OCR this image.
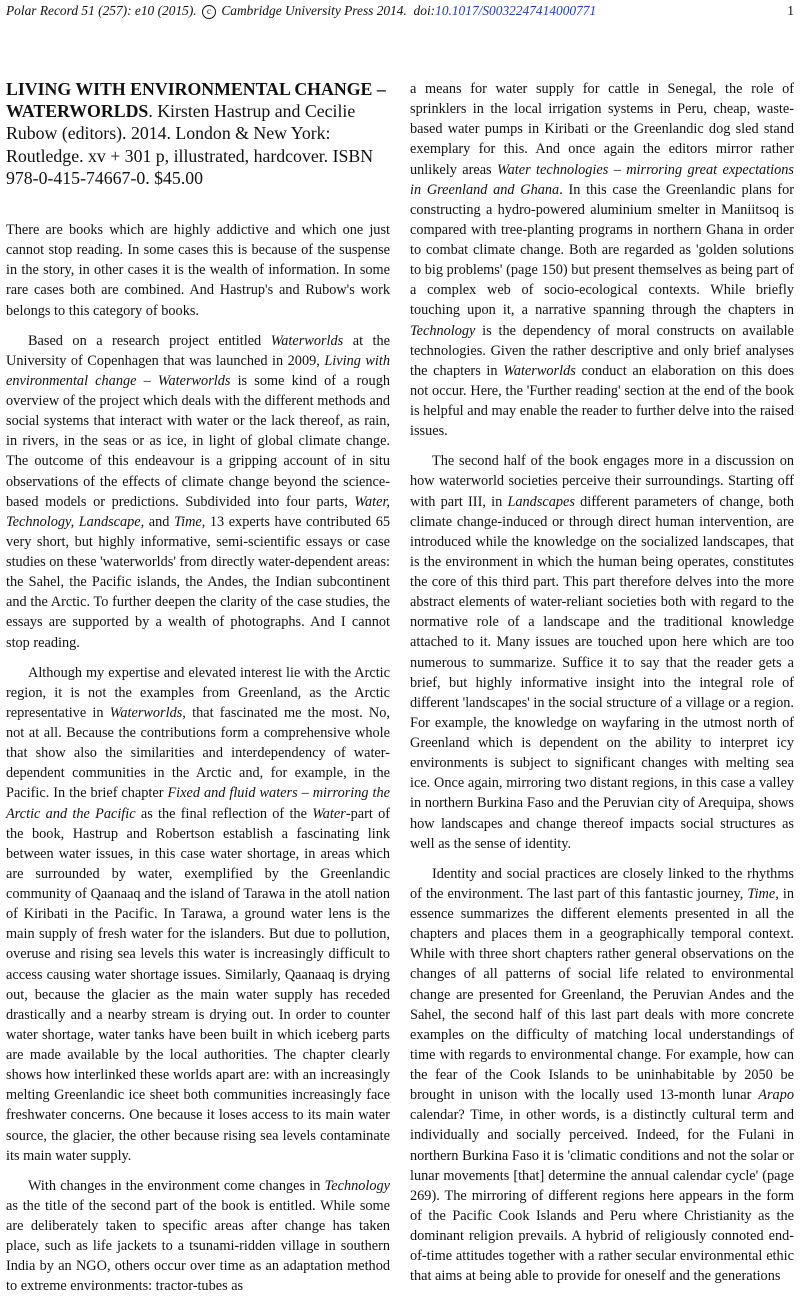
Polar Record 51 (257): e10 (2015). c Cambridge University Press 2014. doi:10.1017/S0032247414000771	1
LIVING WITH ENVIRONMENTAL CHANGE – WATERWORLDS. Kirsten Hastrup and Cecilie Rubow (editors). 2014. London & New York: Routledge. xv + 301 p, illustrated, hardcover. ISBN 978-0-415-74667-0. $45.00

There are books which are highly addictive and which one just cannot stop reading. In some cases this is because of the suspense in the story, in other cases it is the wealth of information. In some rare cases both are combined. And Hastrup's and Rubow's work belongs to this category of books.

Based on a research project entitled Waterworlds at the University of Copenhagen that was launched in 2009, Living with environmental change – Waterworlds is some kind of a rough overview of the project which deals with the different methods and social systems that interact with water or the lack thereof, as rain, in rivers, in the seas or as ice, in light of global climate change. The outcome of this endeavour is a gripping account of in situ observations of the effects of climate change beyond the science-based models or predictions. Subdivided into four parts, Water, Technology, Landscape, and Time, 13 experts have contributed 65 very short, but highly informative, semi-scientific essays or case studies on these 'waterworlds' from directly water-dependent areas: the Sahel, the Pacific islands, the Andes, the Indian subcontinent and the Arctic. To further deepen the clarity of the case studies, the essays are supported by a wealth of photographs. And I cannot stop reading.

Although my expertise and elevated interest lie with the Arctic region, it is not the examples from Greenland, as the Arctic representative in Waterworlds, that fascinated me the most. No, not at all. Because the contributions form a comprehensive whole that show also the similarities and interdependency of water-dependent communities in the Arctic and, for example, in the Pacific. In the brief chapter Fixed and fluid waters – mirroring the Arctic and the Pacific as the final reflection of the Water-part of the book, Hastrup and Robertson establish a fascinating link between water issues, in this case water shortage, in areas which are surrounded by water, exemplified by the Greenlandic community of Qaanaaq and the island of Tarawa in the atoll nation of Kiribati in the Pacific. In Tarawa, a ground water lens is the main supply of fresh water for the islanders. But due to pollution, overuse and rising sea levels this water is increasingly difficult to access causing water shortage issues. Similarly, Qaanaaq is drying out, because the glacier as the main water supply has receded drastically and a nearby stream is drying out. In order to counter water shortage, water tanks have been built in which iceberg parts are made available by the local authorities. The chapter clearly shows how interlinked these worlds apart are: with an increasingly melting Greenlandic ice sheet both communities increasingly face freshwater concerns. One because it loses access to its main water source, the glacier, the other because rising sea levels contaminate its main water supply.

With changes in the environment come changes in Technology as the title of the second part of the book is entitled. While some are deliberately taken to specific areas after change has taken place, such as life jackets to a tsunami-ridden village in southern India by an NGO, others occur over time as an adaptation method to extreme environments: tractor-tubes as

a means for water supply for cattle in Senegal, the role of sprinklers in the local irrigation systems in Peru, cheap, waste-based water pumps in Kiribati or the Greenlandic dog sled stand exemplary for this. And once again the editors mirror rather unlikely areas Water technologies – mirroring great expectations in Greenland and Ghana. In this case the Greenlandic plans for constructing a hydro-powered aluminium smelter in Maniitsoq is compared with tree-planting programs in northern Ghana in order to combat climate change. Both are regarded as 'golden solutions to big problems' (page 150) but present themselves as being part of a complex web of socio-ecological contexts. While briefly touching upon it, a narrative spanning through the chapters in Technology is the dependency of moral constructs on available technologies. Given the rather descriptive and only brief analyses the chapters in Waterworlds conduct an elaboration on this does not occur. Here, the 'Further reading' section at the end of the book is helpful and may enable the reader to further delve into the raised issues.

The second half of the book engages more in a discussion on how waterworld societies perceive their surroundings. Starting off with part III, in Landscapes different parameters of change, both climate change-induced or through direct human intervention, are introduced while the knowledge on the socialized landscapes, that is the environment in which the human being operates, constitutes the core of this third part. This part therefore delves into the more abstract elements of water-reliant societies both with regard to the normative role of a landscape and the traditional knowledge attached to it. Many issues are touched upon here which are too numerous to summarize. Suffice it to say that the reader gets a brief, but highly informative insight into the integral role of different 'landscapes' in the social structure of a village or a region. For example, the knowledge on wayfaring in the utmost north of Greenland which is dependent on the ability to interpret icy environments is subject to significant changes with melting sea ice. Once again, mirroring two distant regions, in this case a valley in northern Burkina Faso and the Peruvian city of Arequipa, shows how landscapes and change thereof impacts social structures as well as the sense of identity.

Identity and social practices are closely linked to the rhythms of the environment. The last part of this fantastic journey, Time, in essence summarizes the different elements presented in all the chapters and places them in a geographically temporal context. While with three short chapters rather general observations on the changes of all patterns of social life related to environmental change are presented for Greenland, the Peruvian Andes and the Sahel, the second half of this last part deals with more concrete examples on the difficulty of matching local understandings of time with regards to environmental change. For example, how can the fear of the Cook Islands to be uninhabitable by 2050 be brought in unison with the locally used 13-month lunar Arapo calendar? Time, in other words, is a distinctly cultural term and individually and socially perceived. Indeed, for the Fulani in northern Burkina Faso it is 'climatic conditions and not the solar or lunar movements [that] determine the annual calendar cycle' (page 269). The mirroring of different regions here appears in the form of the Pacific Cook Islands and Peru where Christianity as the dominant religion prevails. A hybrid of religiously connoted end-of-time attitudes together with a rather secular environmental ethic that aims at being able to provide for oneself and the generations
